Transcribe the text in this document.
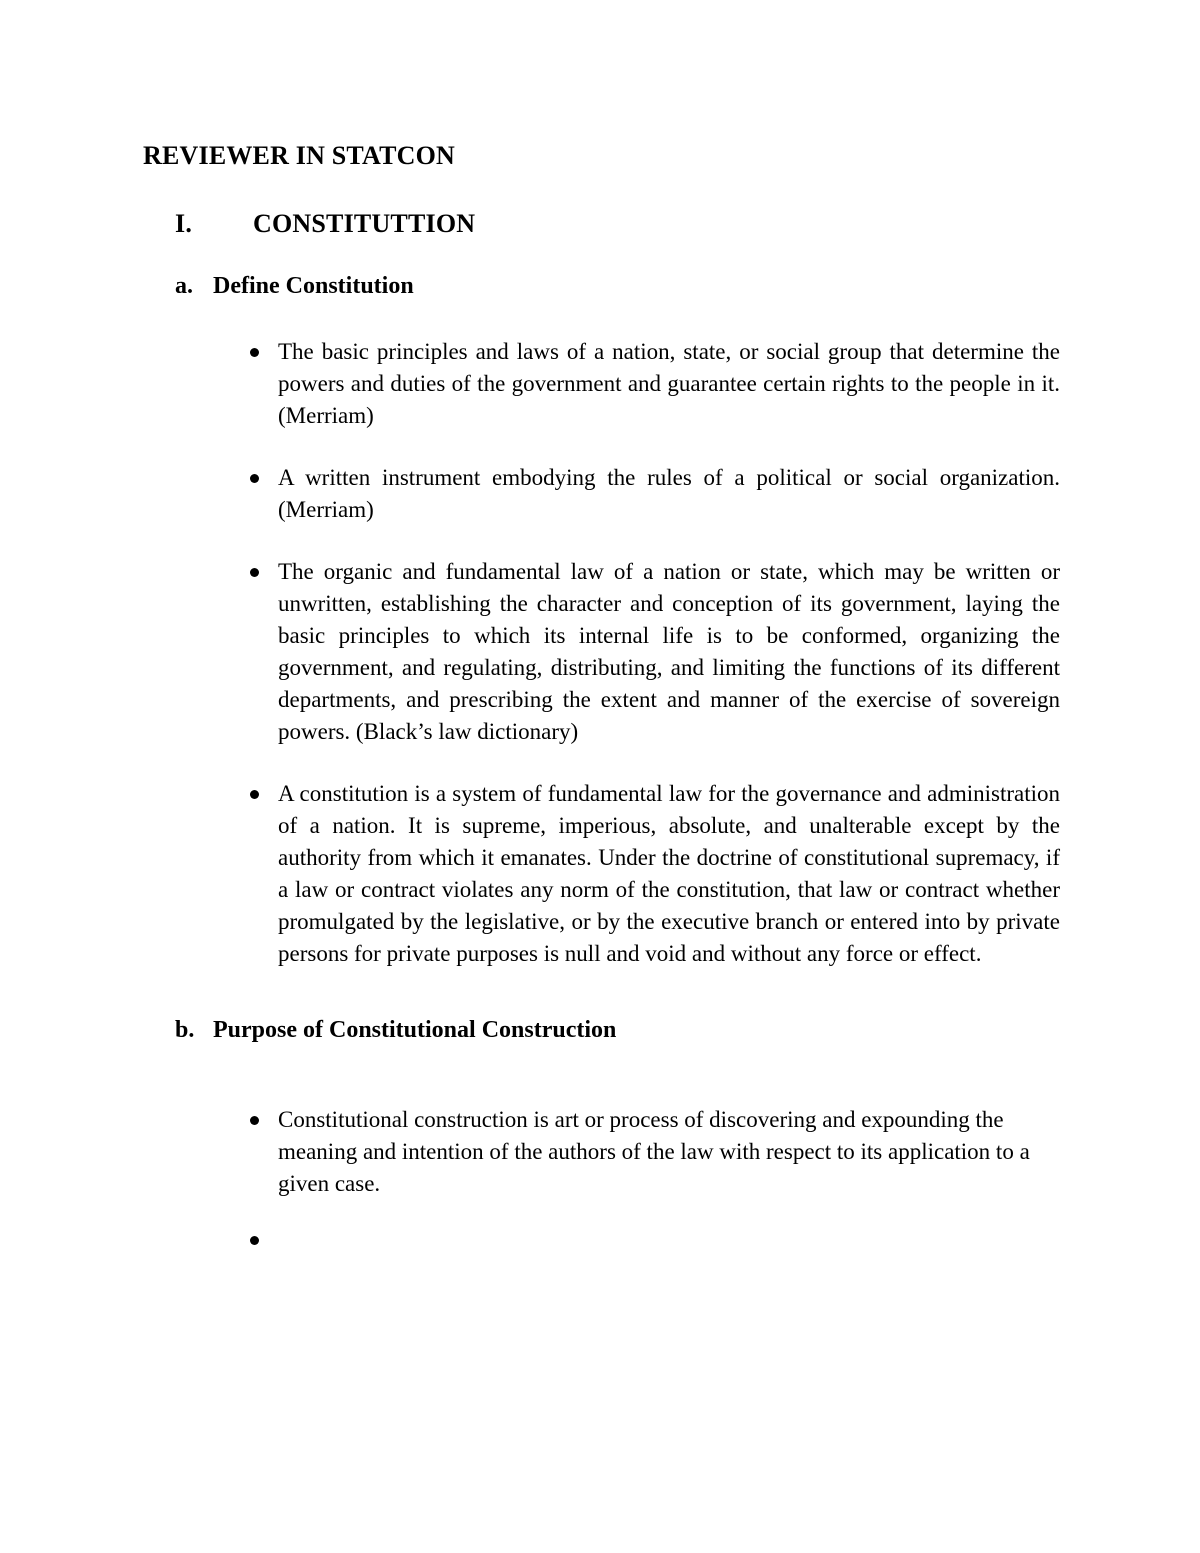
REVIEWER IN STATCON
I. CONSTITUTTION
a. Define Constitution
The basic principles and laws of a nation, state, or social group that determine the powers and duties of the government and guarantee certain rights to the people in it. (Merriam)
A written instrument embodying the rules of a political or social organization. (Merriam)
The organic and fundamental law of a nation or state, which may be written or unwritten, establishing the character and conception of its government, laying the basic principles to which its internal life is to be conformed, organizing the government, and regulating, distributing, and limiting the functions of its different departments, and prescribing the extent and manner of the exercise of sovereign powers. (Black’s law dictionary)
A constitution is a system of fundamental law for the governance and administration of a nation. It is supreme, imperious, absolute, and unalterable except by the authority from which it emanates. Under the doctrine of constitutional supremacy, if a law or contract violates any norm of the constitution, that law or contract whether promulgated by the legislative, or by the executive branch or entered into by private persons for private purposes is null and void and without any force or effect.
b. Purpose of Constitutional Construction
Constitutional construction is art or process of discovering and expounding the meaning and intention of the authors of the law with respect to its application to a given case.
